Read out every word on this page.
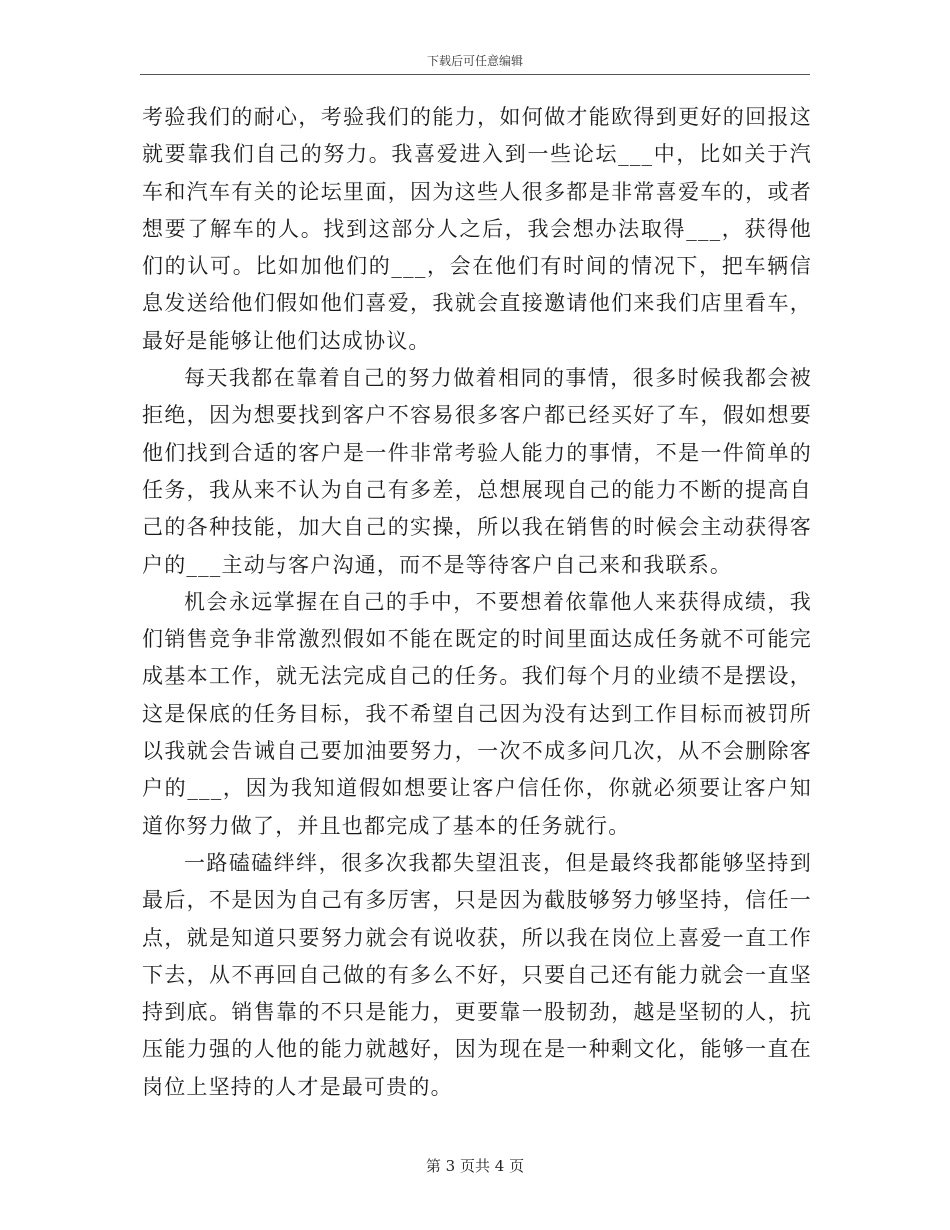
下载后可任意编辑

考验我们的耐心，考验我们的能力，如何做才能欧得到更好的回报这就要靠我们自己的努力。我喜爱进入到一些论坛___中，比如关于汽车和汽车有关的论坛里面，因为这些人很多都是非常喜爱车的，或者想要了解车的人。找到这部分人之后，我会想办法取得___，获得他们的认可。比如加他们的___，会在他们有时间的情况下，把车辆信息发送给他们假如他们喜爱，我就会直接邀请他们来我们店里看车，最好是能够让他们达成协议。

每天我都在靠着自己的努力做着相同的事情，很多时候我都会被拒绝，因为想要找到客户不容易很多客户都已经买好了车，假如想要他们找到合适的客户是一件非常考验人能力的事情，不是一件简单的任务，我从来不认为自己有多差，总想展现自己的能力不断的提高自己的各种技能，加大自己的实操，所以我在销售的时候会主动获得客户的___主动与客户沟通，而不是等待客户自己来和我联系。

机会永远掌握在自己的手中，不要想着依靠他人来获得成绩，我们销售竞争非常激烈假如不能在既定的时间里面达成任务就不可能完成基本工作，就无法完成自己的任务。我们每个月的业绩不是摆设，这是保底的任务目标，我不希望自己因为没有达到工作目标而被罚所以我就会告诫自己要加油要努力，一次不成多问几次，从不会删除客户的___，因为我知道假如想要让客户信任你，你就必须要让客户知道你努力做了，并且也都完成了基本的任务就行。

一路磕磕绊绊，很多次我都失望沮丧，但是最终我都能够坚持到最后，不是因为自己有多厉害，只是因为截肢够努力够坚持，信任一点，就是知道只要努力就会有说收获，所以我在岗位上喜爱一直工作下去，从不再回自己做的有多么不好，只要自己还有能力就会一直坚持到底。销售靠的不只是能力，更要靠一股韧劲，越是坚韧的人，抗压能力强的人他的能力就越好，因为现在是一种剩文化，能够一直在岗位上坚持的人才是最可贵的。

第 3 页共 4 页
